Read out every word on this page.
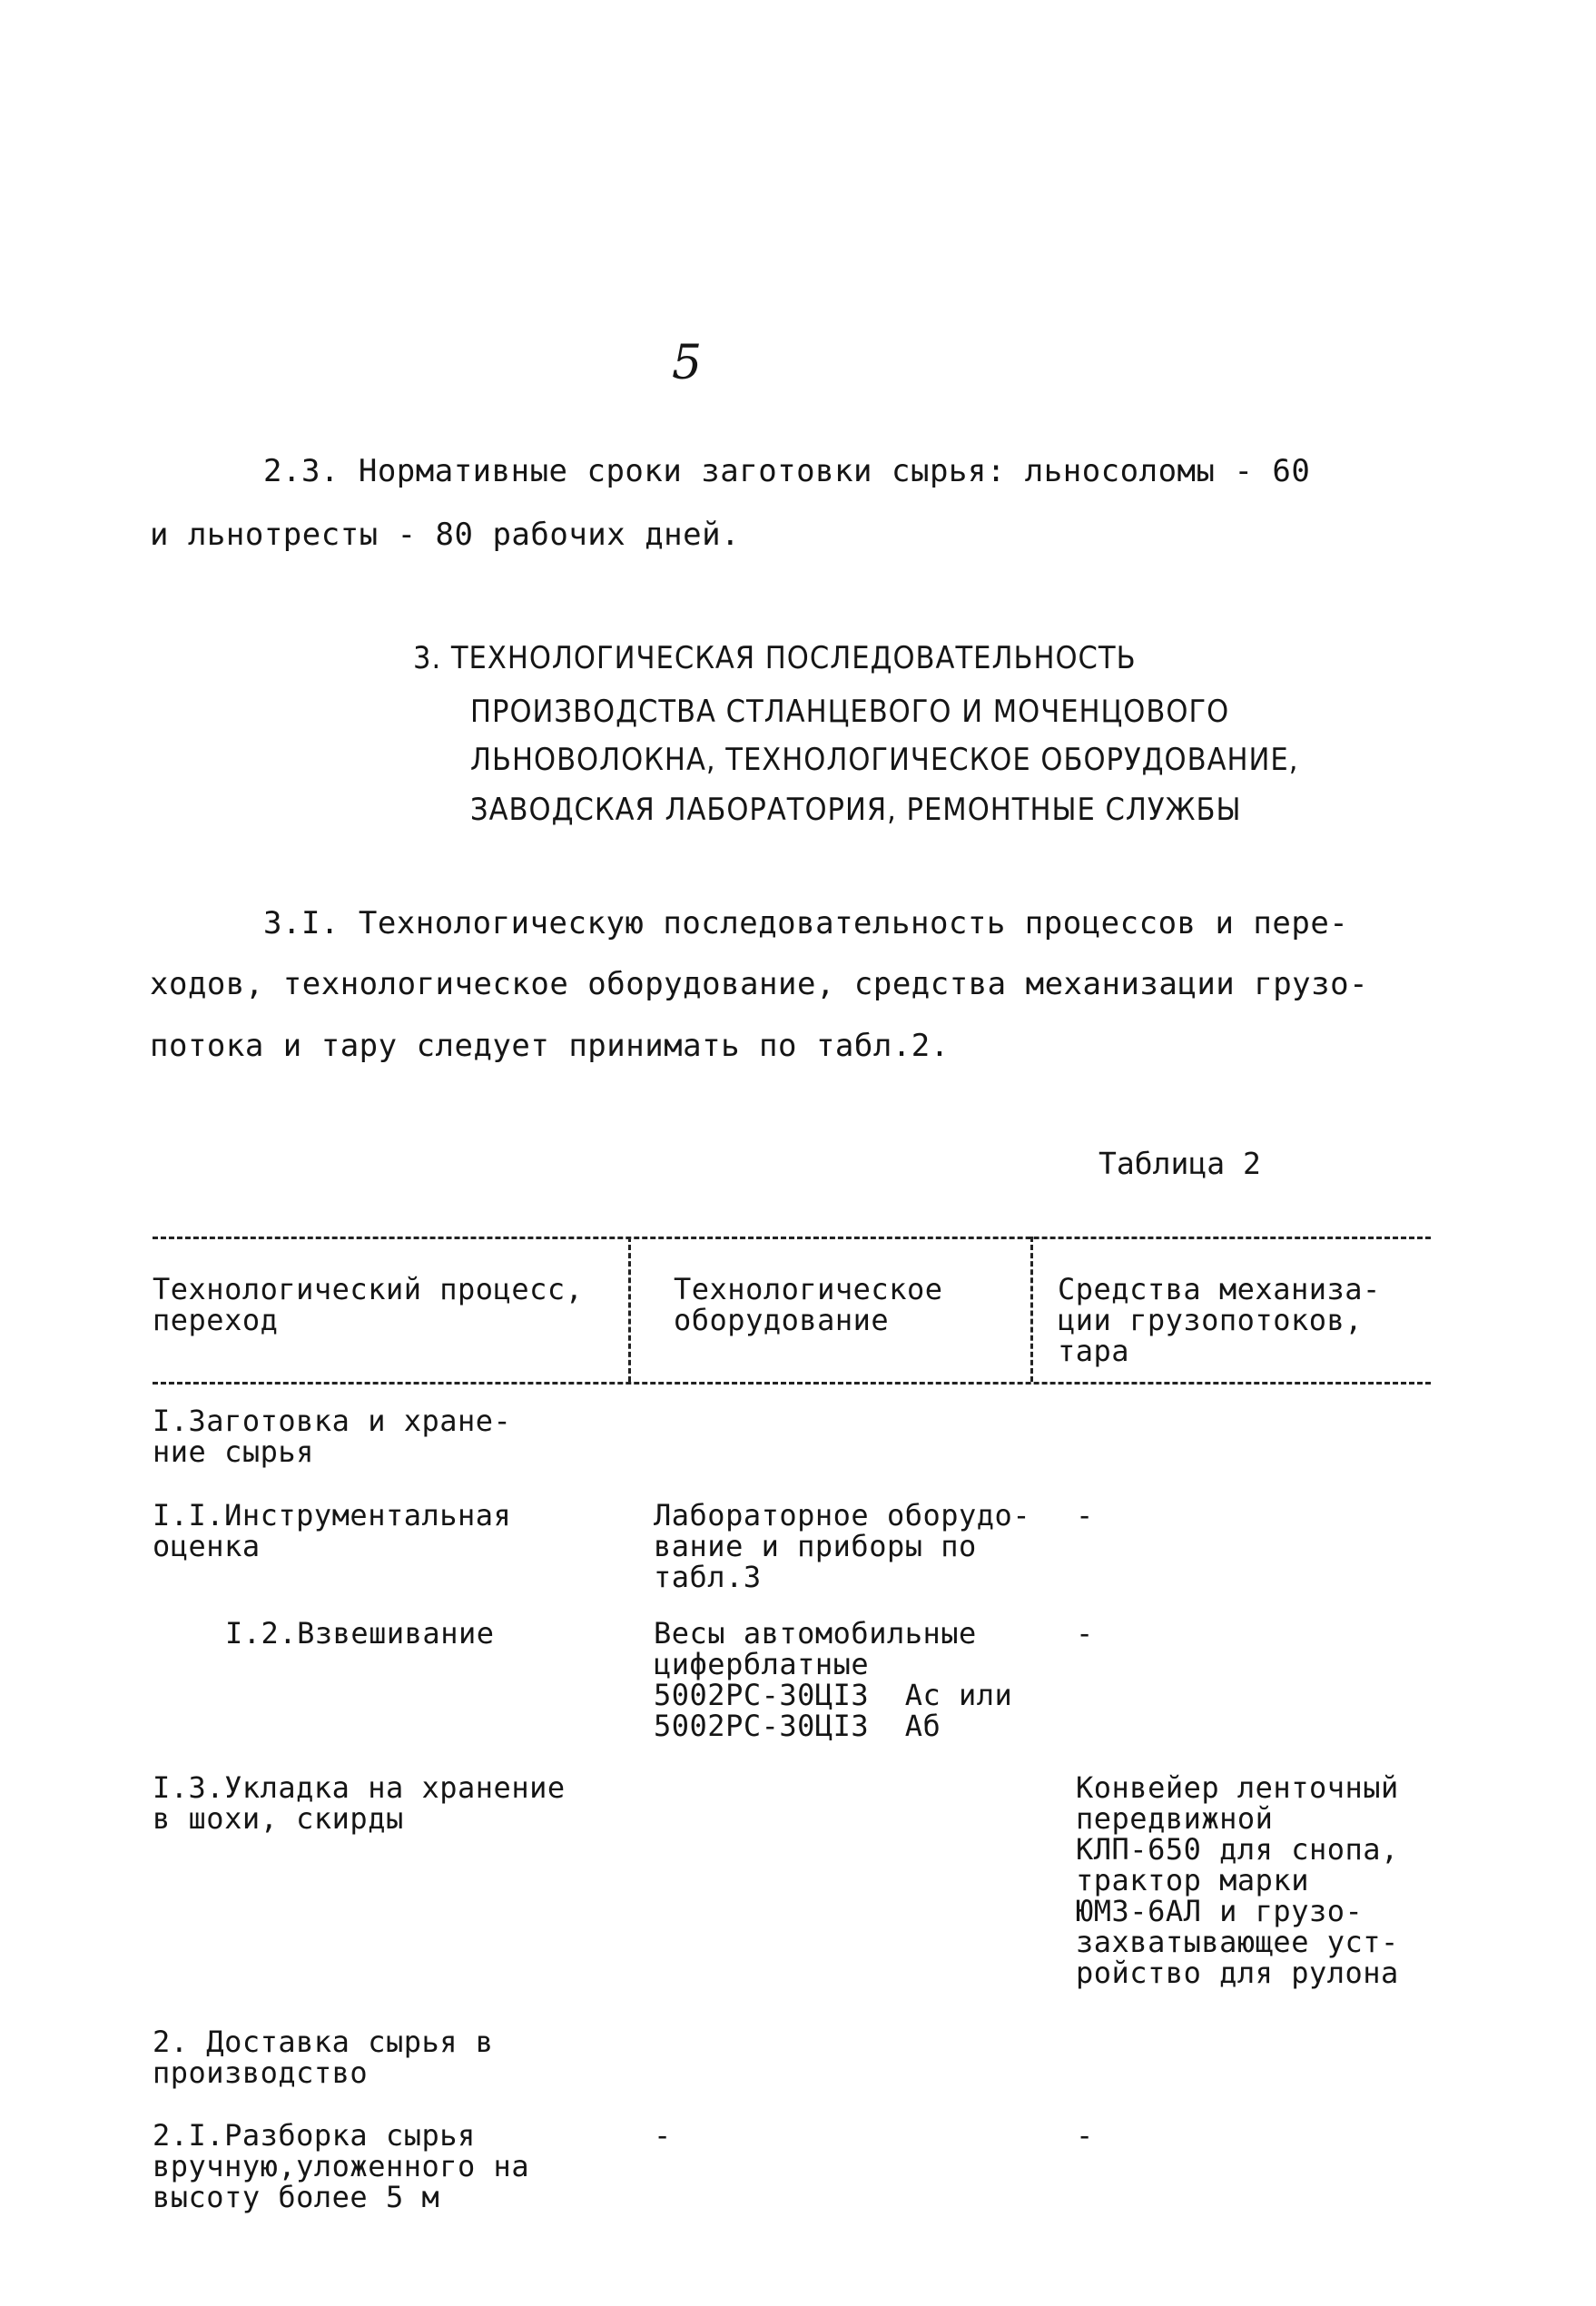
5
2.3. Нормативные сроки заготовки сырья: льносоломы - 60
и льнотресты - 80 рабочих дней.
3. ТЕХНОЛОГИЧЕСКАЯ ПОСЛЕДОВАТЕЛЬНОСТЬ
ПРОИЗВОДСТВА СТЛАНЦЕВОГО И МОЧЕНЦОВОГО
ЛЬНОВОЛОКНА, ТЕХНОЛОГИЧЕСКОЕ ОБОРУДОВАНИЕ,
ЗАВОДСКАЯ ЛАБОРАТОРИЯ, РЕМОНТНЫЕ СЛУЖБЫ
3.I. Технологическую последовательность процессов и пере-
ходов, технологическое оборудование, средства механизации грузо-
потока и тару следует принимать по табл.2.
Таблица 2
Технологический процесс,
переход
Технологическое
оборудование
Средства механиза-
ции грузопотоков,
тара
I.Заготовка и хране-
ние сырья
I.I.Инструментальная
оценка
Лабораторное оборудо-
вание и приборы по
табл.3
-
I.2.Взвешивание	Весы автомобильные
циферблатные
5002РС-30ЦI3  Ас или
5002РС-30ЦI3  Аб
-
I.3.Укладка на хранение
в шохи, скирды
Конвейер ленточный
передвижной
КЛП-650 для снопа,
трактор марки
ЮМЗ-6АЛ и грузо-
захватывающее уст-
ройство для рулона
2. Доставка сырья в
производство
2.I.Разборка сырья
вручную,уложенного на
высоту более 5 м
-	-
